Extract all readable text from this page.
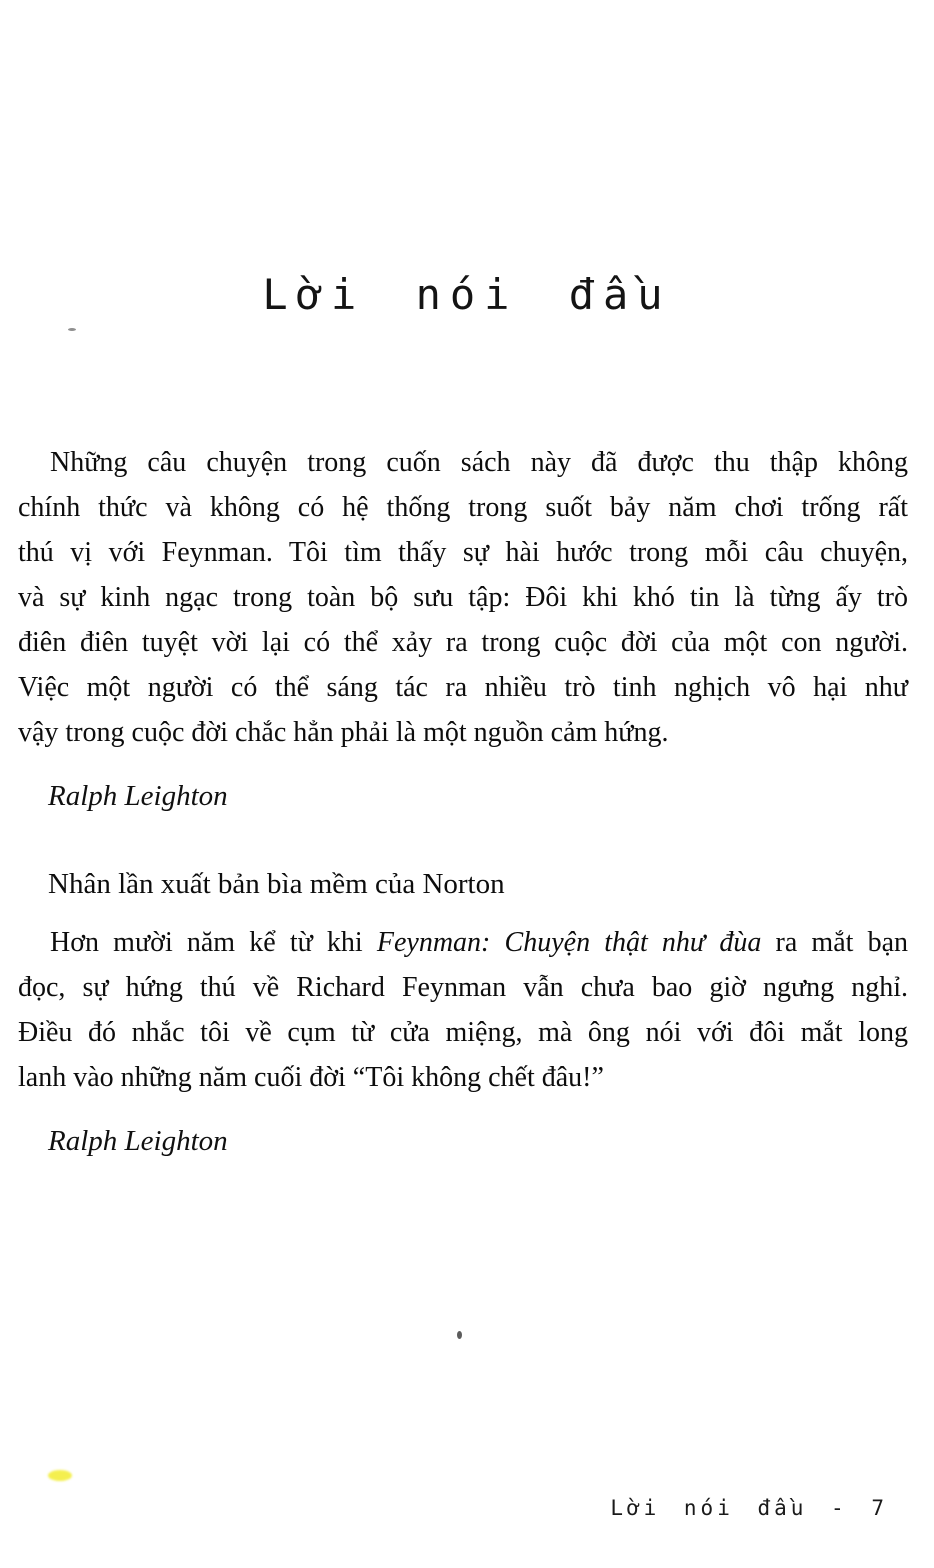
Lời nói đầu
Những câu chuyện trong cuốn sách này đã được thu thập không
chính thức và không có hệ thống trong suốt bảy năm chơi trống rất
thú vị với Feynman. Tôi tìm thấy sự hài hước trong mỗi câu chuyện,
và sự kinh ngạc trong toàn bộ sưu tập: Đôi khi khó tin là từng ấy trò
điên điên tuyệt vời lại có thể xảy ra trong cuộc đời của một con người.
Việc một người có thể sáng tác ra nhiều trò tinh nghịch vô hại như
vậy trong cuộc đời chắc hẳn phải là một nguồn cảm hứng.
Ralph Leighton
Nhân lần xuất bản bìa mềm của Norton
Hơn mười năm kể từ khi Feynman: Chuyện thật như đùa ra mắt bạn
đọc, sự hứng thú về Richard Feynman vẫn chưa bao giờ ngưng nghỉ.
Điều đó nhắc tôi về cụm từ cửa miệng, mà ông nói với đôi mắt long
lanh vào những năm cuối đời “Tôi không chết đâu!”
Ralph Leighton
Lời nói đầu - 7
